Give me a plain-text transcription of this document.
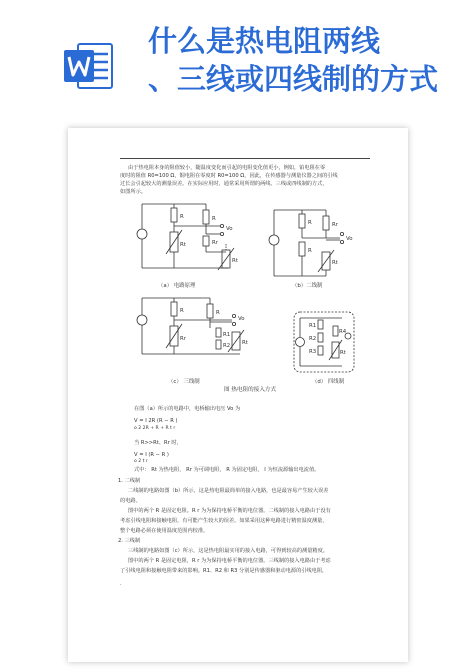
什么是热电阻两线
、三线或四线制的方式
由于热电阻本身的阻值较小，随温度变化而引起的电阻变化值更小，例如，铂电阻在零
度时的阻值 R0=100 Ω，铜电阻在零度时 R0=100 Ω，因此，在传感器与测量仪器之间的引线
过长会引起较大的测量误差。在实际应用时，通常采用所谓的两线、三线或四线制的方式，
如图所示。
R	R
Rt	Rr
Vo
Rt
R
R
Rr
Vo
Rt
R	R
Rr
Vo
R1
R2 Rt
R1
R2
R3
R4
Rt
（a） 电路原理	（b）二线制
（c） 三线制	（d） 四线制
图 热电阻的接入方式
在图（a）所示的电路中，电桥输出电压 Vo 为
V = I 2R (R − R )
o 2 2R + R + R t r
当 R>>Rt、Rr 时，
V = I (R − R )
o 2 t r
式中： Rt 为热电阻， Rr 为可调电阻， R 为固定电阻， I 为恒流源输出电流值。
1. 二线制
二线制的电路如图（b）所示，这是热电阻最简单的接入电路，也是最容易产生较大误差
的电路。
图中的两个 R 是固定电阻。R r 为为保持电桥平衡的电位器。二线制的接入电路由于没有
考虑引线电阻和接触电阻，有可能产生较大的误差。如果采用这种电路进行精密温度测量，
整个电路必须在使用温度范围内校准。
2. 三线制
三线制的电路如图（c）所示，这是热电阻最实用的接入电路，可得到较高的测量精度。
图中的两个 R 是固定电阻，R r 为为保持电桥平衡的电位器。三线制的接入电路由于考虑
了引线电阻和接触电阻带来的影响。R1、R2 和 R3 分别是传感器和驱动电源的引线电阻，
.
